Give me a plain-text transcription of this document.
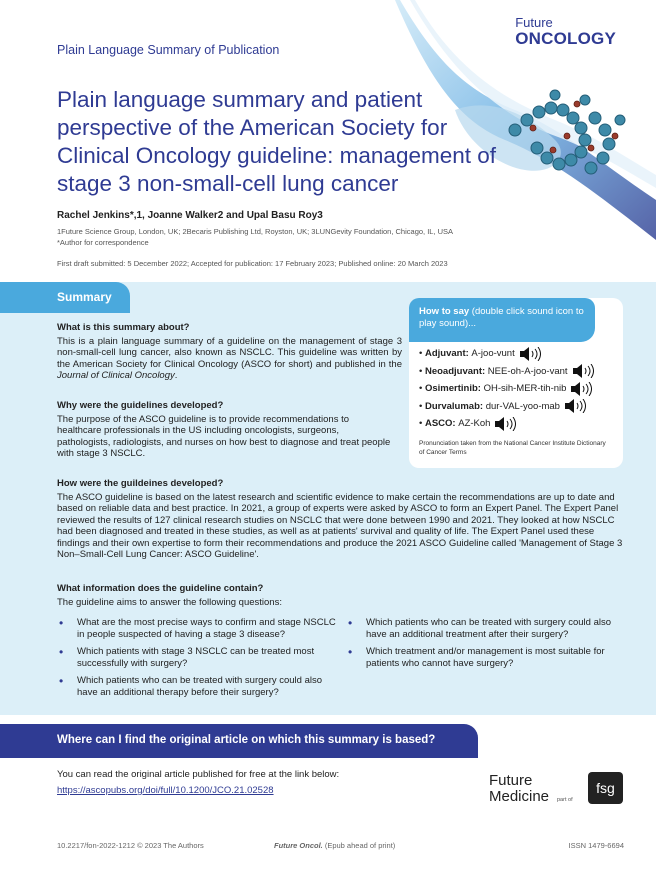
Plain Language Summary of Publication
Future
ONCOLOGY
Plain language summary and patient perspective of the American Society for Clinical Oncology guideline: management of stage 3 non-small-cell lung cancer
Rachel Jenkins*,1, Joanne Walker2 and Upal Basu Roy3
1Future Science Group, London, UK; 2Becaris Publishing Ltd, Royston, UK; 3LUNGevity Foundation, Chicago, IL, USA
*Author for correspondence
First draft submitted: 5 December 2022; Accepted for publication: 17 February 2023; Published online: 20 March 2023
Summary
What is this summary about?

This is a plain language summary of a guideline on the management of stage 3 non-small-cell lung cancer, also known as NSCLC. This guideline was written by the American Society for Clinical Oncology (ASCO for short) and published in the Journal of Clinical Oncology.

Why were the guidelines developed?

The purpose of the ASCO guideline is to provide recommendations to healthcare professionals in the US including oncologists, surgeons, pathologists, radiologists, and nurses on how best to diagnose and treat people with stage 3 NSCLC.

How to say (double click sound icon to play sound)...
• Adjuvant:
A-joo-vunt
• Neoadjuvant:
NEE-oh-A-joo-vant
• Osimertinib:
OH-sih-MER-tih-nib
• Durvalumab:
dur-VAL-yoo-mab
• ASCO:
AZ-Koh
Pronunciation taken from the National Cancer Institute Dictionary of Cancer Terms
How were the guildeines developed?

The ASCO guideline is based on the latest research and scientific evidence to make certain the recommendations are up to date and based on reliable data and best practice. In 2021, a group of experts were asked by ASCO to form an Expert Panel. The Expert Panel reviewed the results of 127 clinical research studies on NSCLC that were done between 1990 and 2021. They looked at how NSCLC had been diagnosed and treated in these studies, as well as at patients' survival and quality of life. The Expert Panel used these findings and their own expertise to form their recommendations and produce the 2021 ASCO Guideline called 'Management of Stage 3 Non–Small-Cell Lung Cancer: ASCO Guideline'.

What information does the guideline contain?

The guideline aims to answer the following questions:

• What are the most precise ways to confirm and stage NSCLC in people suspected of having a stage 3 disease?
• Which patients with stage 3 NSCLC can be treated most successfully with surgery?
• Which patients who can be treated with surgery could also have an additional therapy before their surgery?
• Which patients who can be treated with surgery could also have an additional treatment after their surgery?
• Which treatment and/or management is most suitable for patients who cannot have surgery?
Where can I find the original article on which this summary is based?
You can read the original article published for free at the link below:
https://ascopubs.org/doi/full/10.1200/JCO.21.02528
Future
Medicine part of
fsg
10.2217/fon-2022-1212 © 2023 The Authors	Future Oncol. (Epub ahead of print)	ISSN 1479-6694
